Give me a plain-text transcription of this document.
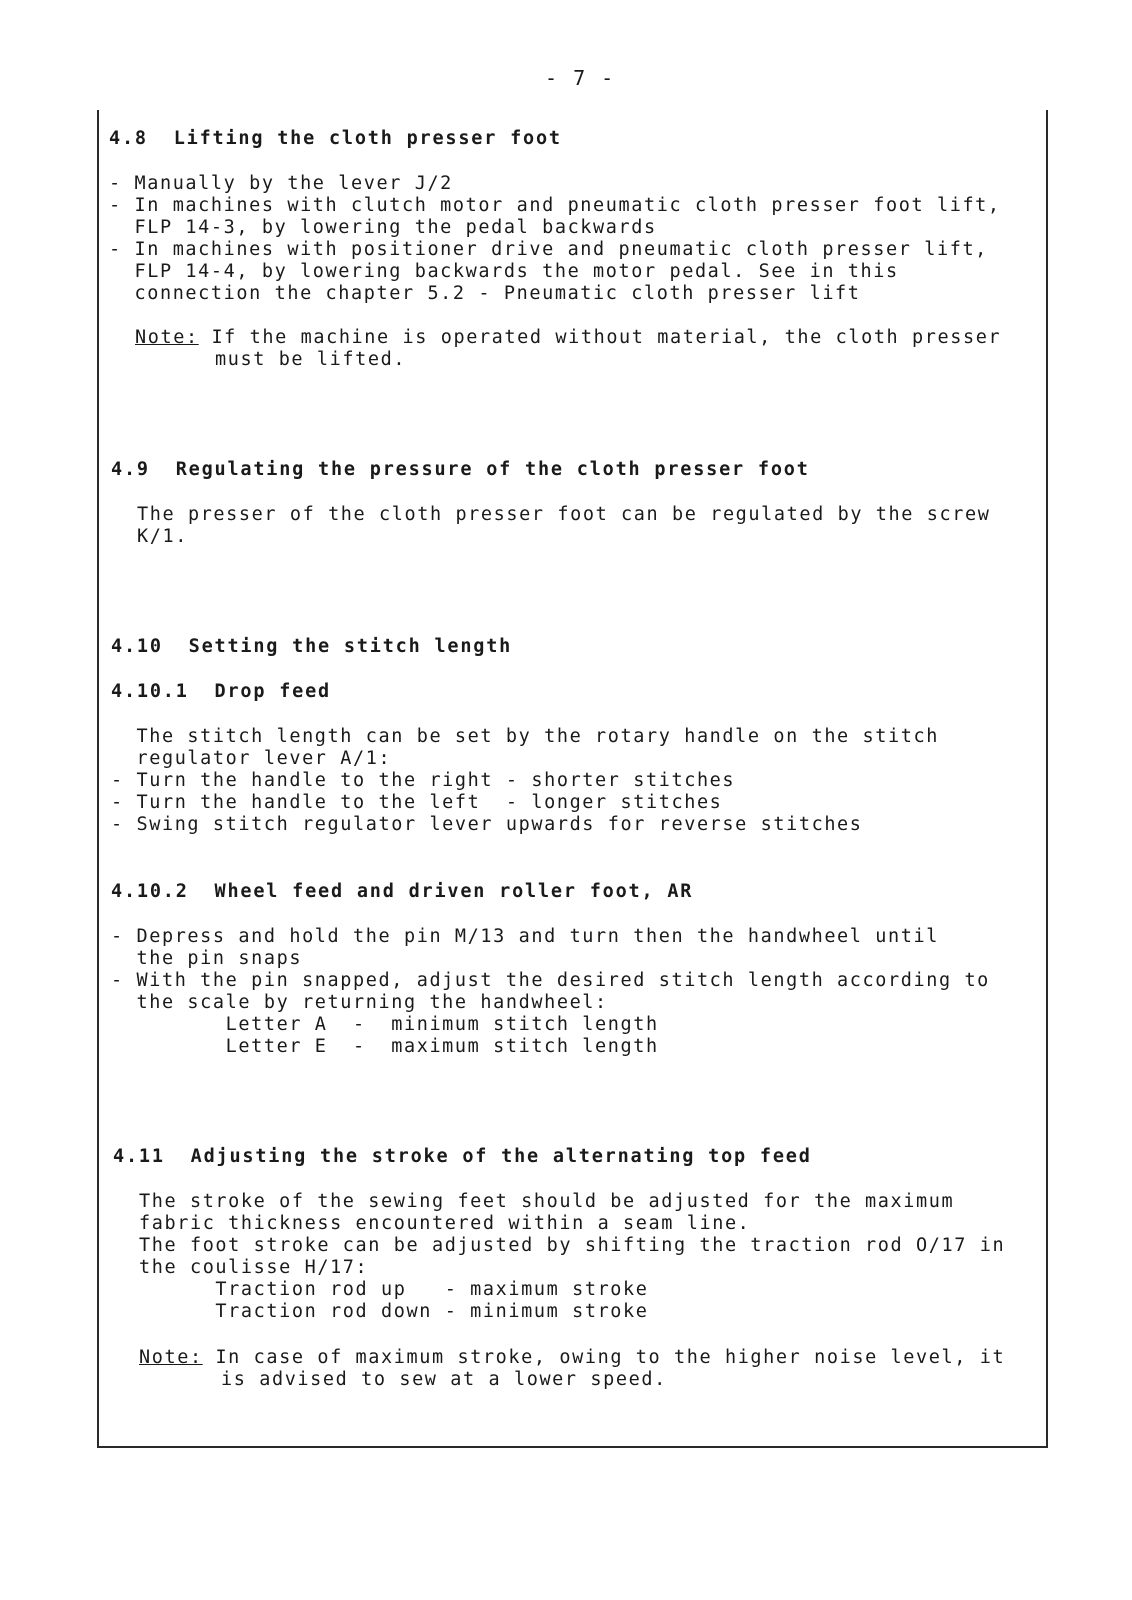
- 7 -
4.8  Lifting the cloth presser foot
- Manually by the lever J/2
- In machines with clutch motor and pneumatic cloth presser foot lift,
FLP 14-3, by lowering the pedal backwards
- In machines with positioner drive and pneumatic cloth presser lift,
FLP 14-4, by lowering backwards the motor pedal. See in this
connection the chapter 5.2 - Pneumatic cloth presser lift
Note: If the machine is operated without material, the cloth presser
must be lifted.
4.9  Regulating the pressure of the cloth presser foot
The presser of the cloth presser foot can be regulated by the screw
K/1.
4.10  Setting the stitch length
4.10.1  Drop feed
The stitch length can be set by the rotary handle on the stitch
regulator lever A/1:
- Turn the handle to the right - shorter stitches
- Turn the handle to the left  - longer stitches
- Swing stitch regulator lever upwards for reverse stitches
4.10.2  Wheel feed and driven roller foot, AR
- Depress and hold the pin M/13 and turn then the handwheel until
the pin snaps
- With the pin snapped, adjust the desired stitch length according to
the scale by returning the handwheel:
Letter A  -  minimum stitch length
Letter E  -  maximum stitch length
4.11  Adjusting the stroke of the alternating top feed
The stroke of the sewing feet should be adjusted for the maximum
fabric thickness encountered within a seam line.
The foot stroke can be adjusted by shifting the traction rod O/17 in
the coulisse H/17:
Traction rod up   - maximum stroke
Traction rod down - minimum stroke
Note: In case of maximum stroke, owing to the higher noise level, it
is advised to sew at a lower speed.
